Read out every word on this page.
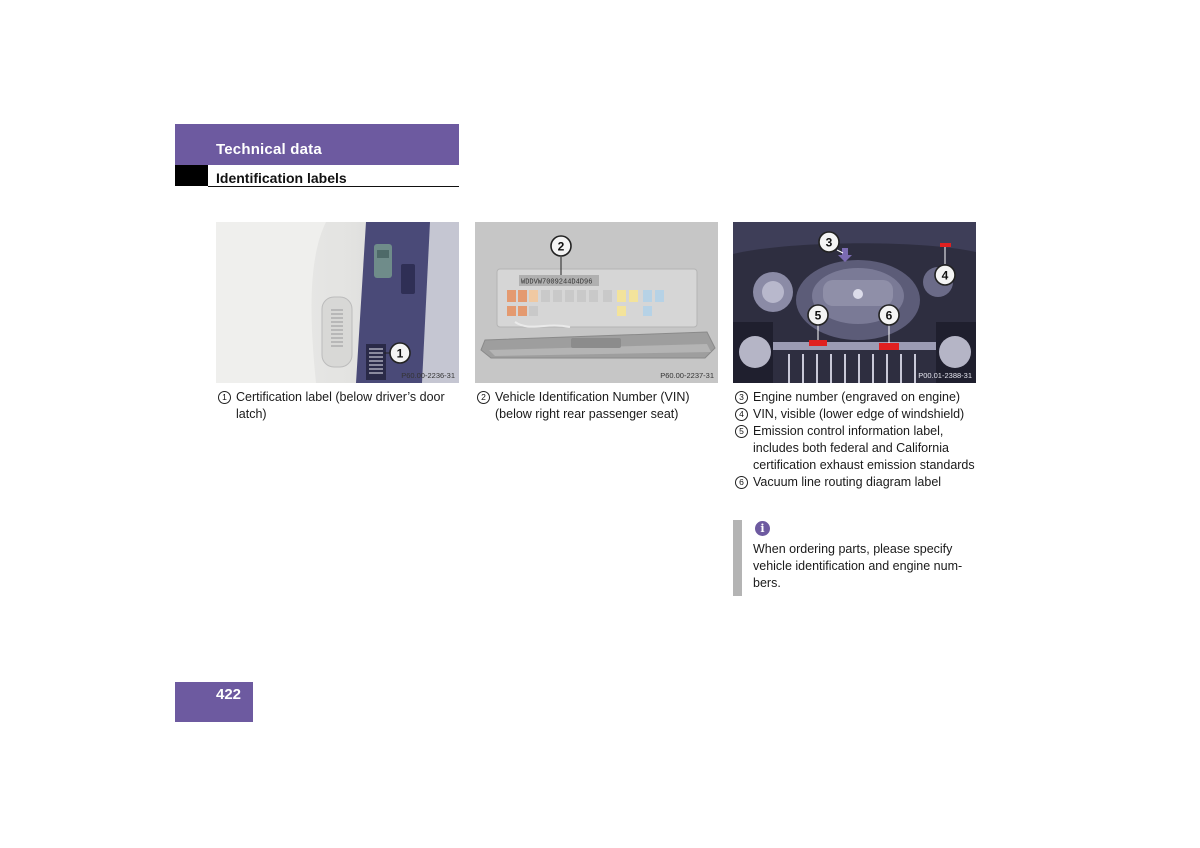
Technical data
Identification labels
1
P60.00-2236-31
WDDVW7009244D4D96
2
P60.00-2237-31
3
4
5	6
P00.01-2388-31
1 Certification label (below driver’s door latch)
2 Vehicle Identification Number (VIN) (below right rear passenger seat)
3 Engine number (engraved on engine)
4 VIN, visible (lower edge of windshield)
5 Emission control information label, includes both federal and California certification exhaust emission standards
6 Vacuum line routing diagram label
i
When ordering parts, please specify vehicle identification and engine num-bers.
422
